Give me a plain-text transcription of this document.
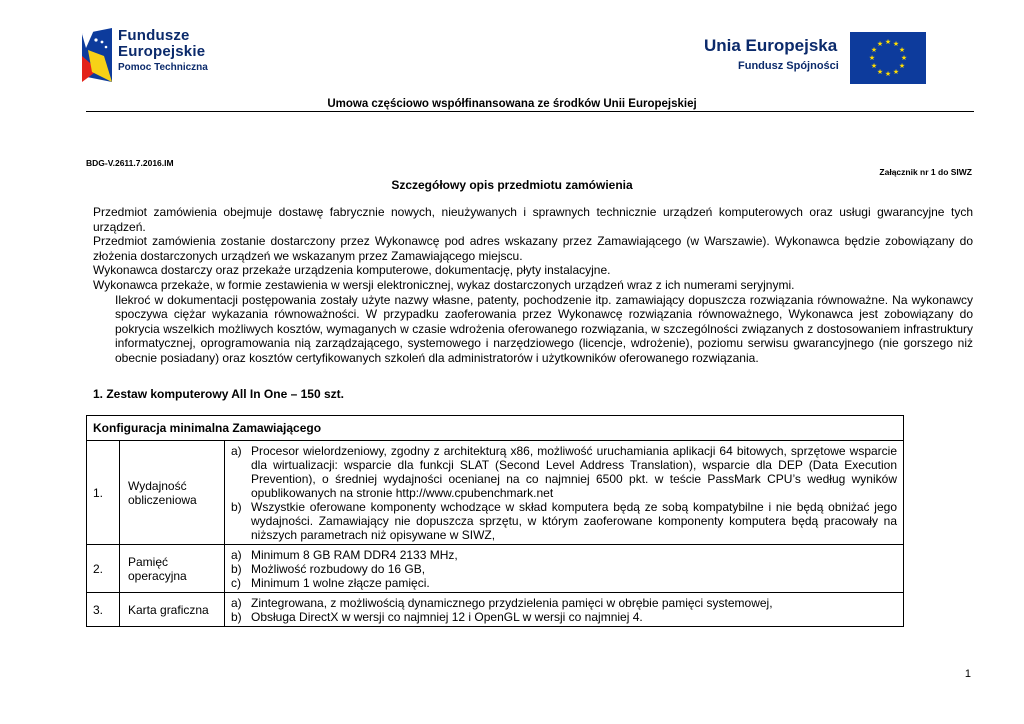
Fundusze
Europejskie
Pomoc Techniczna
Unia Europejska
Fundusz Spójności
★ ★
★
★
★
★
★
★
★
★
★
★
Umowa częściowo współfinansowana ze środków Unii Europejskiej
BDG-V.2611.7.2016.IM
Załącznik nr 1 do SIWZ
Szczegółowy opis przedmiotu zamówienia

Przedmiot zamówienia obejmuje dostawę fabrycznie nowych, nieużywanych i sprawnych technicznie urządzeń komputerowych oraz usługi gwarancyjne tych urządzeń.

Przedmiot zamówienia zostanie dostarczony przez Wykonawcę pod adres wskazany przez Zamawiającego (w Warszawie). Wykonawca będzie zobowiązany do złożenia dostarczonych urządzeń we wskazanym przez Zamawiającego miejscu.

Wykonawca dostarczy oraz przekaże urządzenia komputerowe, dokumentację, płyty instalacyjne.

Wykonawca przekaże, w formie zestawienia w wersji elektronicznej, wykaz dostarczonych urządzeń wraz z ich numerami seryjnymi.

Ilekroć w dokumentacji postępowania zostały użyte nazwy własne, patenty, pochodzenie itp. zamawiający dopuszcza rozwiązania równoważne. Na wykonawcy spoczywa ciężar wykazania równoważności. W przypadku zaoferowania przez Wykonawcę rozwiązania równoważnego, Wykonawca jest zobowiązany do pokrycia wszelkich możliwych kosztów, wymaganych w czasie wdrożenia oferowanego rozwiązania, w szczególności związanych z dostosowaniem infrastruktury informatycznej, oprogramowania nią zarządzającego, systemowego i narzędziowego (licencje, wdrożenie), poziomu serwisu gwarancyjnego (nie gorszego niż obecnie posiadany) oraz kosztów certyfikowanych szkoleń dla administratorów i użytkowników oferowanego rozwiązania.

1. Zestaw komputerowy All In One – 150 szt.
Konfiguracja minimalna Zamawiającego		
1.	Wydajność obliczeniowa	a) Procesor wielordzeniowy, zgodny z architekturą x86, możliwość uruchamiania aplikacji 64 bitowych, sprzętowe wsparcie dla wirtualizacji: wsparcie dla funkcji SLAT (Second Level Address Translation), wsparcie dla DEP (Data Execution Prevention), o średniej wydajności ocenianej na co najmniej 6500 pkt. w teście PassMark CPU’s według wyników opublikowanych na stronie http://www.cpubenchmark.net
b) Wszystkie oferowane komponenty wchodzące w skład komputera będą ze sobą kompatybilne i nie będą obniżać jego wydajności. Zamawiający nie dopuszcza sprzętu, w którym zaoferowane komponenty komputera będą pracowały na niższych parametrach niż opisywane w SIWZ,

2.	Pamięć operacyjna	a) Minimum 8 GB RAM DDR4 2133 MHz,
b) Możliwość rozbudowy do 16 GB,
c) Minimum 1 wolne złącze pamięci.

3.	Karta graficzna	a) Zintegrowana, z możliwością dynamicznego przydzielenia pamięci w obrębie pamięci systemowej,
b) Obsługa DirectX w wersji co najmniej 12 i OpenGL w wersji co najmniej 4.
1
